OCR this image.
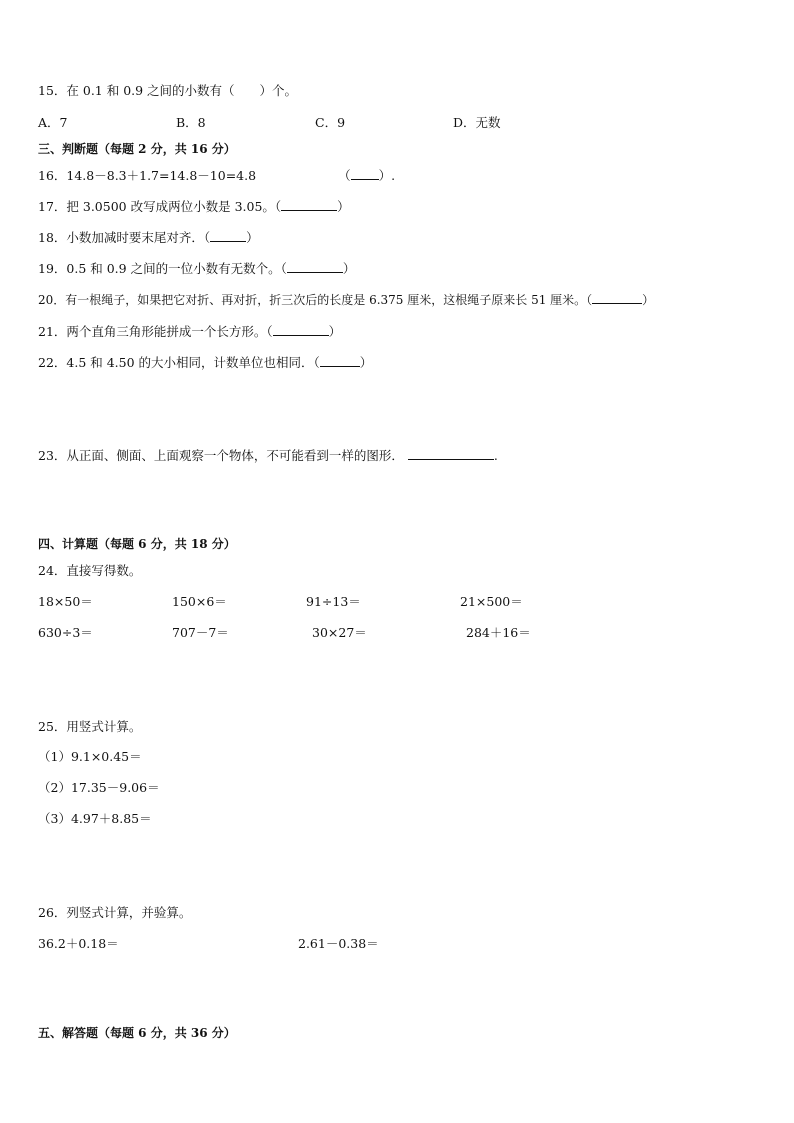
15．在 0.1 和 0.9 之间的小数有（　　）个。
A．7	B．8	C．9	D．无数
三、判断题（每题 2 分，共 16 分）
16．14.8－8.3＋1.7=14.8－10=4.8	（ ）.
17．把 3.0500 改写成两位小数是 3.05。（	）
18．小数加减时要末尾对齐．（	）
19．0.5 和 0.9 之间的一位小数有无数个。（	）
20．有一根绳子，如果把它对折、再对折，折三次后的长度是 6.375 厘米，这根绳子原来长 51 厘米。（	）
21．两个直角三角形能拼成一个长方形。（	）
22．4.5 和 4.50 的大小相同，计数单位也相同．（	）
23．从正面、侧面、上面观察一个物体，不可能看到一样的图形．	.
四、计算题（每题 6 分，共 18 分）
24．直接写得数。
18×50＝	150×6＝	91÷13＝	21×500＝
630÷3＝	707－7＝	30×27＝	284＋16＝
25．用竖式计算。
（1）9.1×0.45＝
（2）17.35－9.06＝
（3）4.97＋8.85＝
26．列竖式计算，并验算。
36.2＋0.18＝	2.61－0.38＝
五、解答题（每题 6 分，共 36 分）
